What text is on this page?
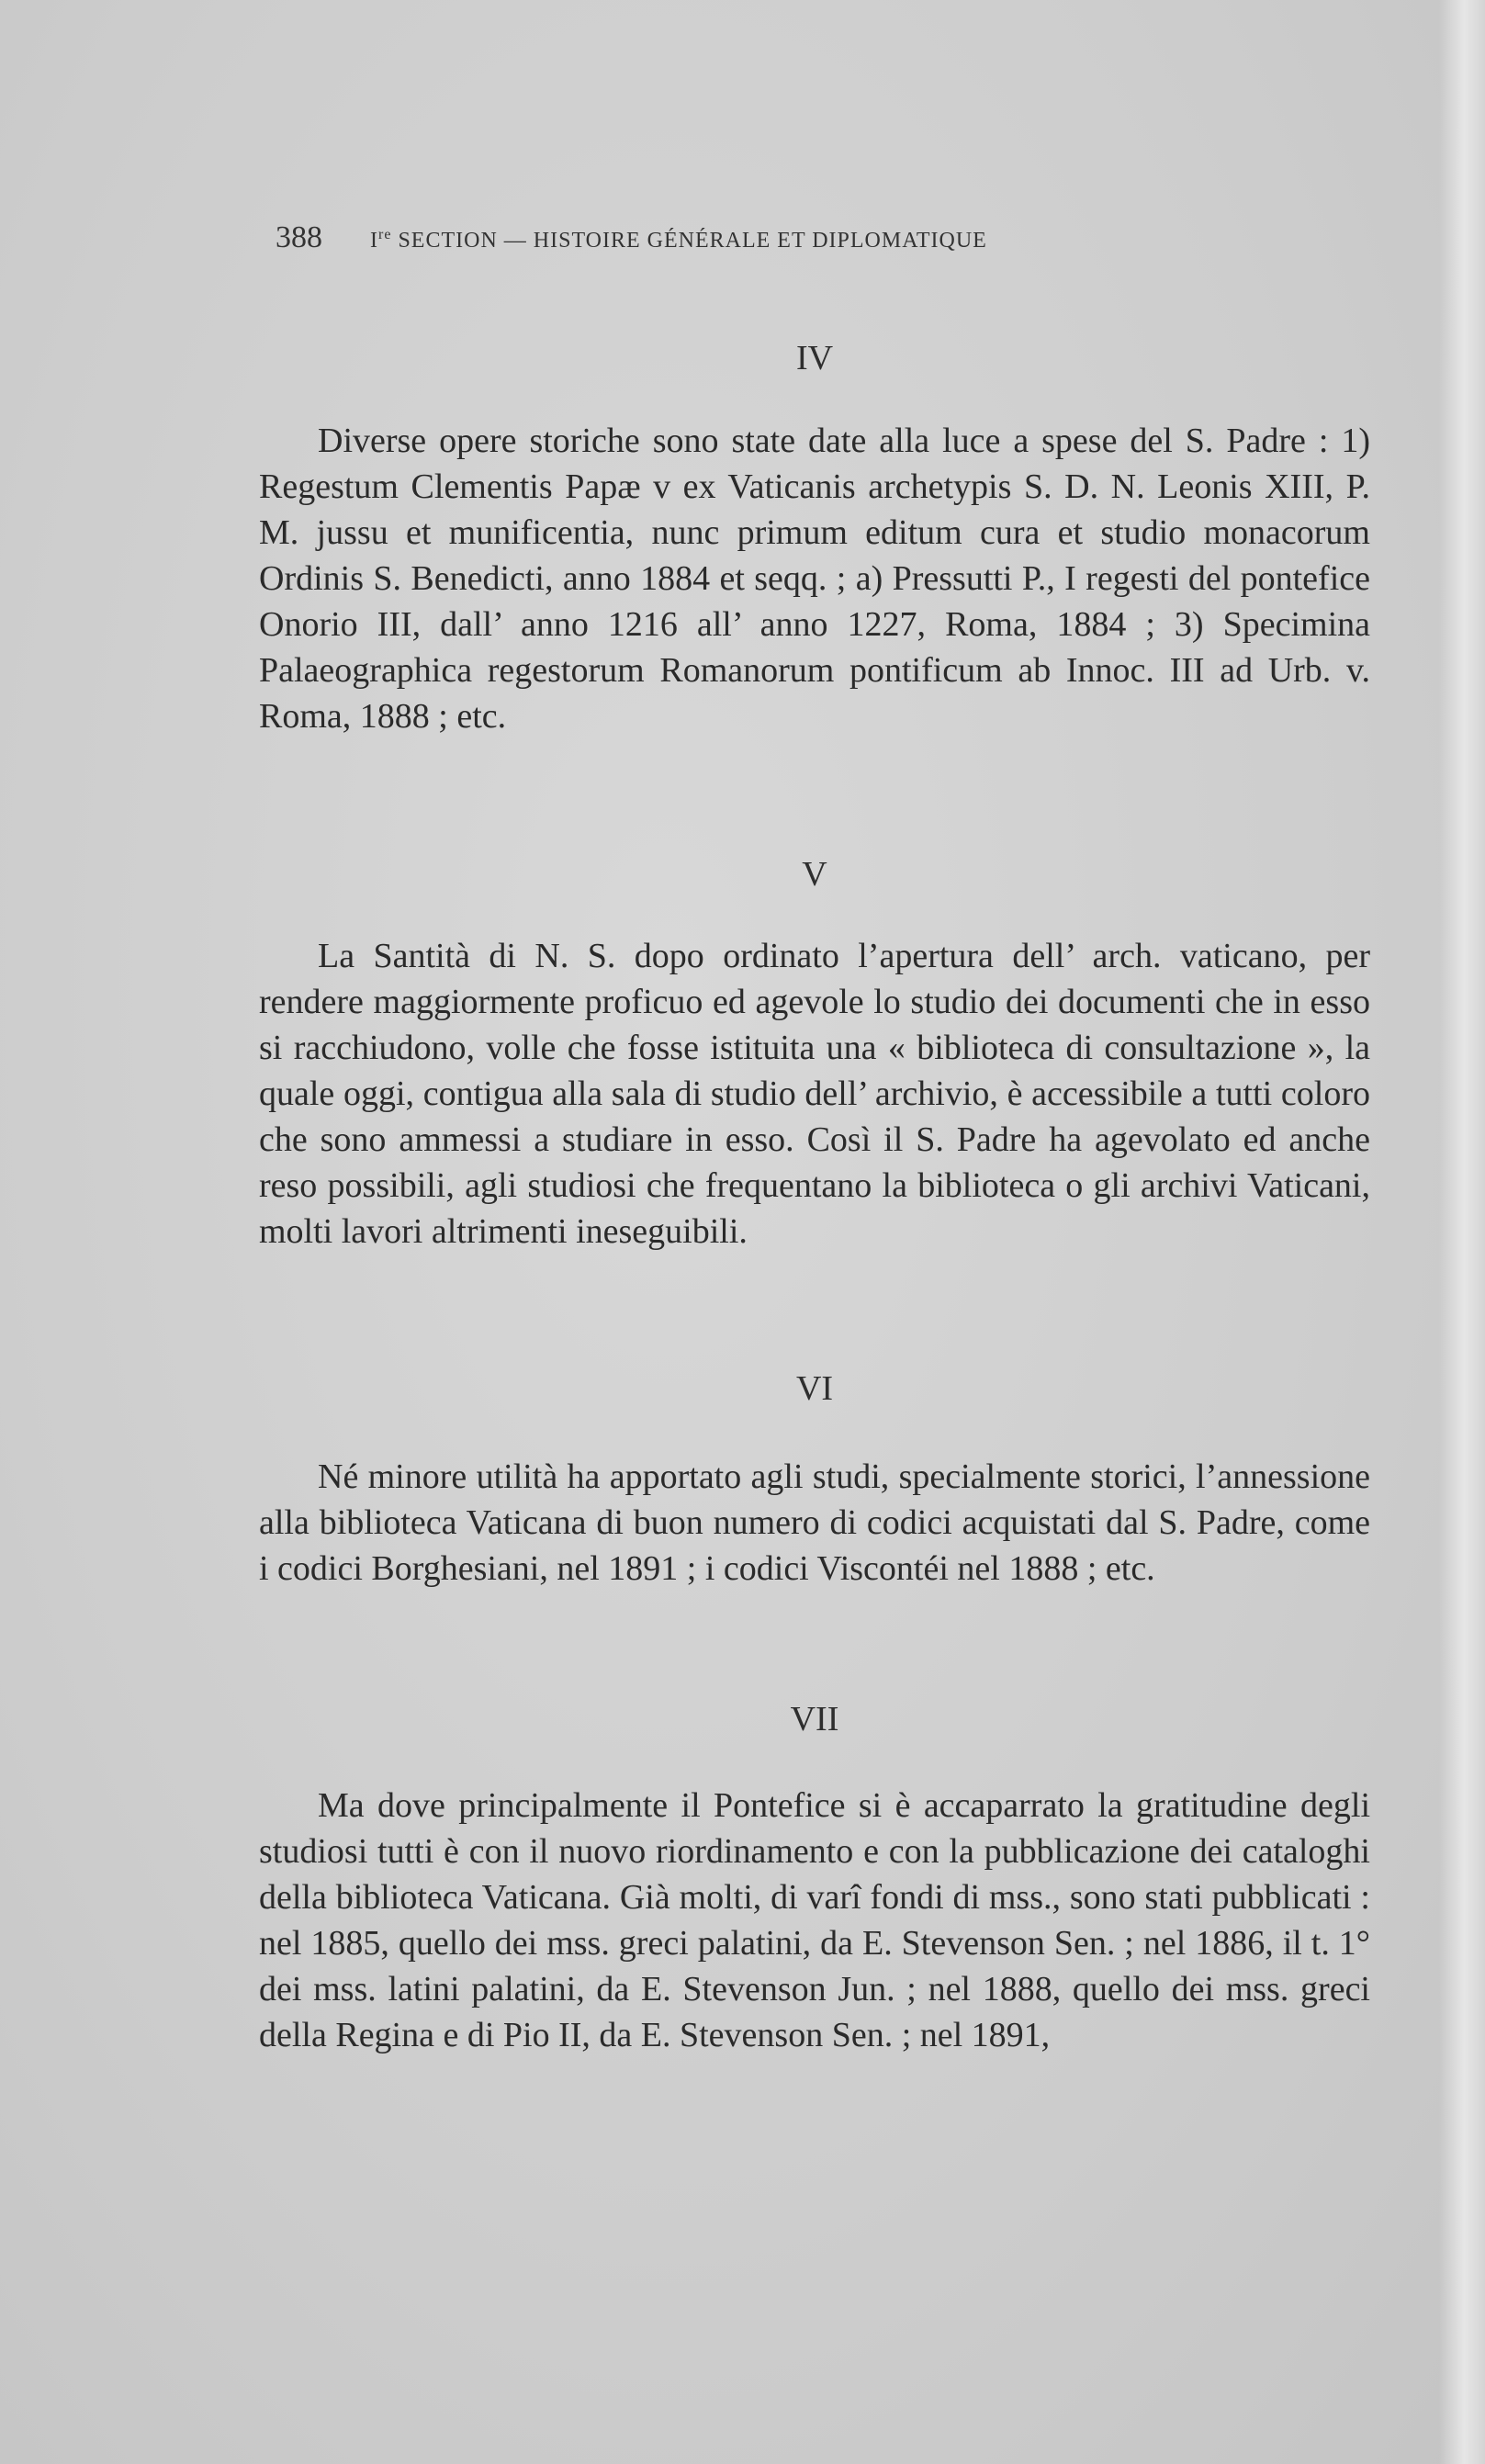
388 Ire SECTION — HISTOIRE GÉNÉRALE ET DIPLOMATIQUE
IV

Diverse opere storiche sono state date alla luce a spese del S. Padre : 1) Regestum Clementis Papæ v ex Vaticanis archetypis S. D. N. Leonis XIII, P. M. jussu et munificentia, nunc primum editum cura et studio monacorum Ordinis S. Benedicti, anno 1884 et seqq. ; a) Pressutti P., I regesti del pontefice Onorio III, dall’ anno 1216 all’ anno 1227, Roma, 1884 ; 3) Specimina Palaeographica regestorum Romanorum pontificum ab Innoc. III ad Urb. v. Roma, 1888 ; etc.

V

La Santità di N. S. dopo ordinato l’apertura dell’ arch. vaticano, per rendere maggiormente proficuo ed agevole lo studio dei documenti che in esso si racchiudono, volle che fosse istituita una « biblioteca di consultazione », la quale oggi, contigua alla sala di studio dell’ archivio, è accessibile a tutti coloro che sono ammessi a studiare in esso. Così il S. Padre ha agevolato ed anche reso possibili, agli studiosi che frequentano la biblioteca o gli archivi Vaticani, molti lavori altrimenti ineseguibili.

VI

Né minore utilità ha apportato agli studi, specialmente storici, l’annessione alla biblioteca Vaticana di buon numero di codici acquistati dal S. Padre, come i codici Borghesiani, nel 1891 ; i codici Viscontéi nel 1888 ; etc.

VII

Ma dove principalmente il Pontefice si è accaparrato la gratitudine degli studiosi tutti è con il nuovo riordinamento e con la pubblicazione dei cataloghi della biblioteca Vaticana. Già molti, di varî fondi di mss., sono stati pubblicati : nel 1885, quello dei mss. greci palatini, da E. Stevenson Sen. ; nel 1886, il t. 1° dei mss. latini palatini, da E. Stevenson Jun. ; nel 1888, quello dei mss. greci della Regina e di Pio II, da E. Stevenson Sen. ; nel 1891,
